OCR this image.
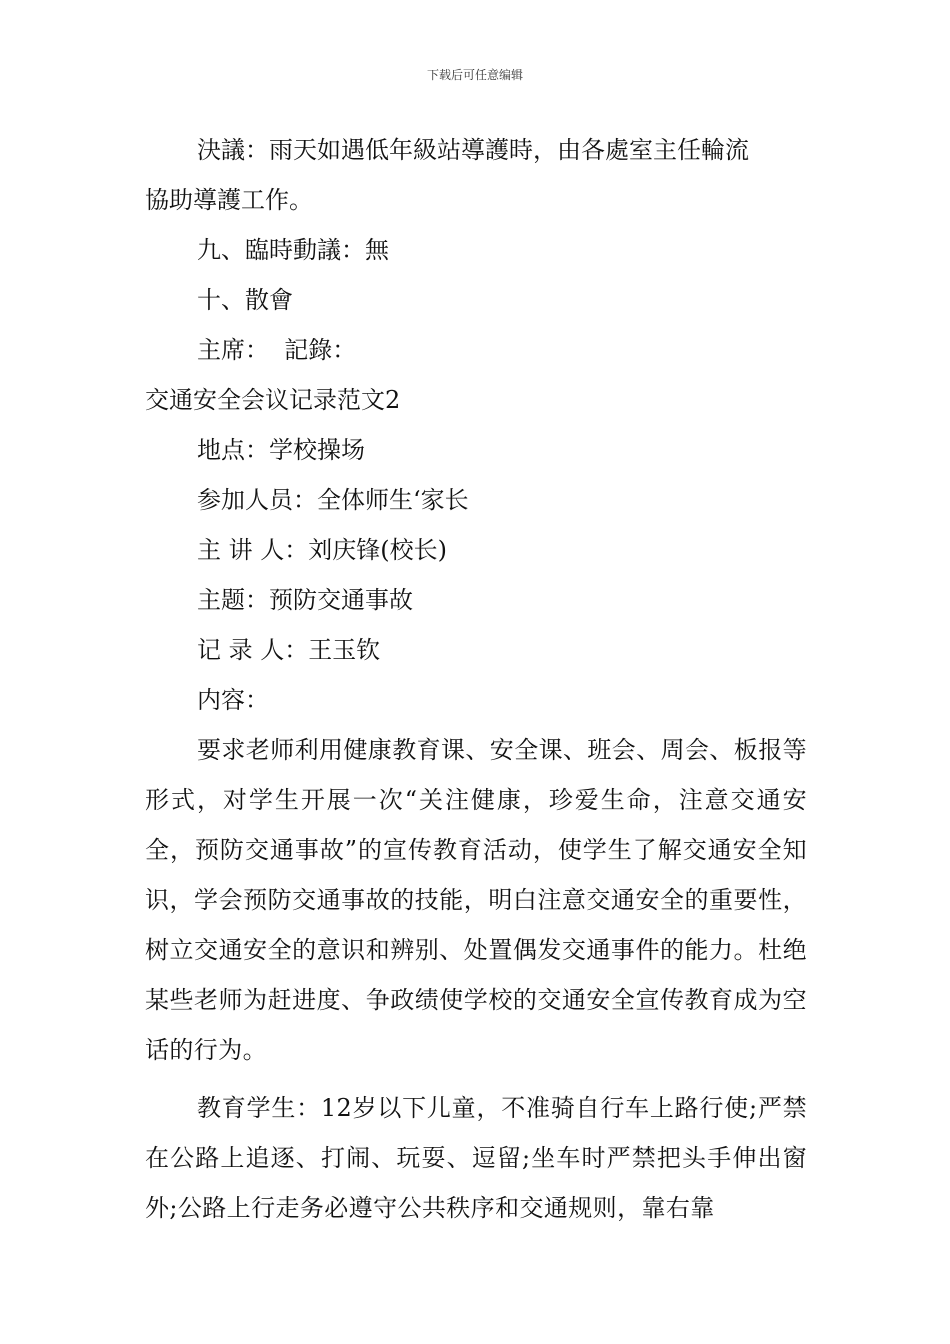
下载后可任意编辑

決議：雨天如遇低年級站導護時，由各處室主任輪流

協助導護工作。

九、臨時動議：無

十、散會

主席：  記錄：

交通安全会议记录范文2

地点：学校操场

参加人员：全体师生‘家长

主 讲 人：刘庆锋(校长)

主题：预防交通事故

记 录 人：王玉钦

内容：

要求老师利用健康教育课、安全课、班会、周会、板报等形式，对学生开展一次“关注健康，珍爱生命，注意交通安全，预防交通事故”的宣传教育活动，使学生了解交通安全知识，学会预防交通事故的技能，明白注意交通安全的重要性，树立交通安全的意识和辨别、处置偶发交通事件的能力。杜绝某些老师为赶进度、争政绩使学校的交通安全宣传教育成为空话的行为。

教育学生：12岁以下儿童，不准骑自行车上路行使;严禁在公路上追逐、打闹、玩耍、逗留;坐车时严禁把头手伸出窗外;公路上行走务必遵守公共秩序和交通规则，靠右靠
